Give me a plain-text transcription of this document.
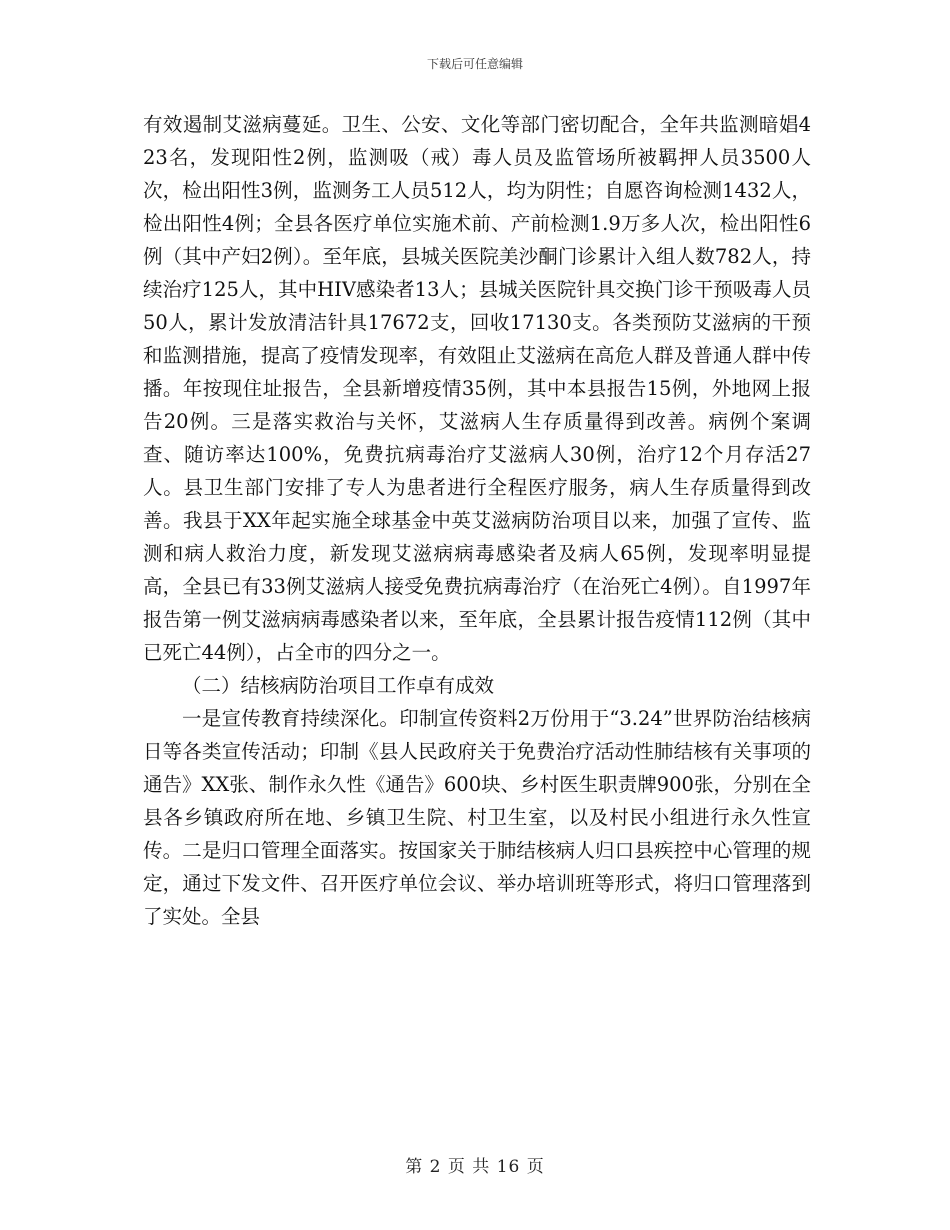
下载后可任意编辑

有效遏制艾滋病蔓延。卫生、公安、文化等部门密切配合，全年共监测暗娼423名，发现阳性2例，监测吸（戒）毒人员及监管场所被羁押人员3500人次，检出阳性3例，监测务工人员512人，均为阴性；自愿咨询检测1432人，检出阳性4例；全县各医疗单位实施术前、产前检测1.9万多人次，检出阳性6例（其中产妇2例）。至年底，县城关医院美沙酮门诊累计入组人数782人，持续治疗125人，其中HIV感染者13人；县城关医院针具交换门诊干预吸毒人员50人，累计发放清洁针具17672支，回收17130支。各类预防艾滋病的干预和监测措施，提高了疫情发现率，有效阻止艾滋病在高危人群及普通人群中传播。年按现住址报告，全县新增疫情35例，其中本县报告15例，外地网上报告20例。三是落实救治与关怀，艾滋病人生存质量得到改善。病例个案调查、随访率达100%，免费抗病毒治疗艾滋病人30例，治疗12个月存活27人。县卫生部门安排了专人为患者进行全程医疗服务，病人生存质量得到改善。我县于XX年起实施全球基金中英艾滋病防治项目以来，加强了宣传、监测和病人救治力度，新发现艾滋病病毒感染者及病人65例，发现率明显提高，全县已有33例艾滋病人接受免费抗病毒治疗（在治死亡4例）。自1997年报告第一例艾滋病病毒感染者以来，至年底，全县累计报告疫情112例（其中已死亡44例），占全市的四分之一。

（二）结核病防治项目工作卓有成效

一是宣传教育持续深化。印制宣传资料2万份用于“3.24”世界防治结核病日等各类宣传活动；印制《县人民政府关于免费治疗活动性肺结核有关事项的通告》XX张、制作永久性《通告》600块、乡村医生职责牌900张，分别在全县各乡镇政府所在地、乡镇卫生院、村卫生室，以及村民小组进行永久性宣传。二是归口管理全面落实。按国家关于肺结核病人归口县疾控中心管理的规定，通过下发文件、召开医疗单位会议、举办培训班等形式，将归口管理落到了实处。全县

第 2 页 共 16 页
